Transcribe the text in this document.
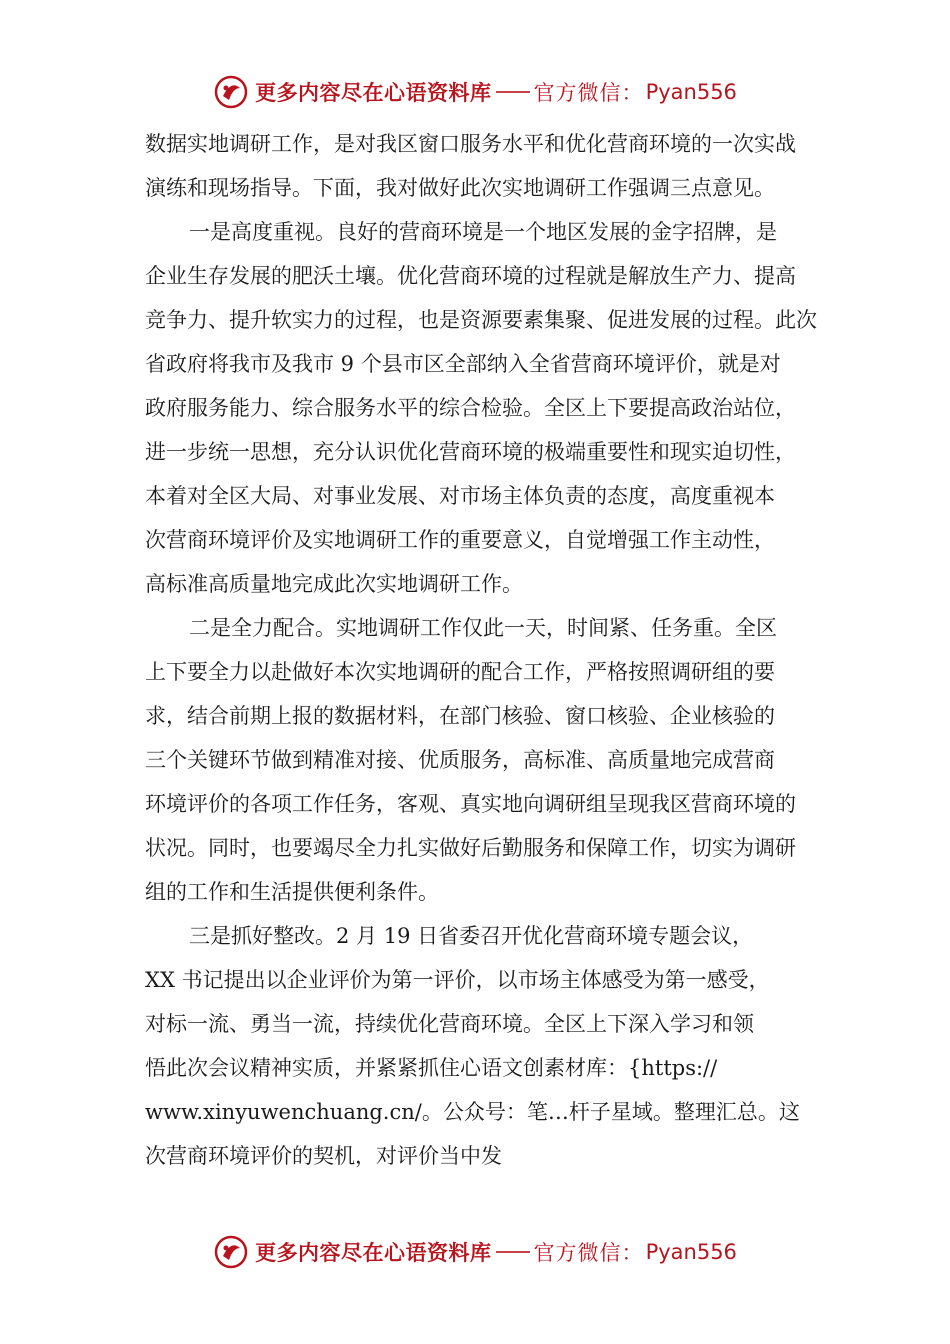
更多内容尽在心语资料库 官方微信： Pyan556
数据实地调研工作，是对我区窗口服务水平和优化营商环境的一次实战
演练和现场指导。下面，我对做好此次实地调研工作强调三点意见。
一是高度重视。良好的营商环境是一个地区发展的金字招牌，是
企业生存发展的肥沃土壤。优化营商环境的过程就是解放生产力、提高
竞争力、提升软实力的过程，也是资源要素集聚、促进发展的过程。此次
省政府将我市及我市 9 个县市区全部纳入全省营商环境评价，就是对
政府服务能力、综合服务水平的综合检验。全区上下要提高政治站位，
进一步统一思想，充分认识优化营商环境的极端重要性和现实迫切性，
本着对全区大局、对事业发展、对市场主体负责的态度，高度重视本
次营商环境评价及实地调研工作的重要意义，自觉增强工作主动性，
高标准高质量地完成此次实地调研工作。
二是全力配合。实地调研工作仅此一天，时间紧、任务重。全区
上下要全力以赴做好本次实地调研的配合工作，严格按照调研组的要
求，结合前期上报的数据材料，在部门核验、窗口核验、企业核验的
三个关键环节做到精准对接、优质服务，高标准、高质量地完成营商
环境评价的各项工作任务，客观、真实地向调研组呈现我区营商环境的
状况。同时，也要竭尽全力扎实做好后勤服务和保障工作，切实为调研
组的工作和生活提供便利条件。
三是抓好整改。2 月 19 日省委召开优化营商环境专题会议，
XX 书记提出以企业评价为第一评价，以市场主体感受为第一感受，
对标一流、勇当一流，持续优化营商环境。全区上下深入学习和领
悟此次会议精神实质，并紧紧抓住心语文创素材库：{https://
www.xinyuwenchuang.cn/。公众号：笔…杆子星域。整理汇总。这
次营商环境评价的契机，对评价当中发
更多内容尽在心语资料库 官方微信： Pyan556
